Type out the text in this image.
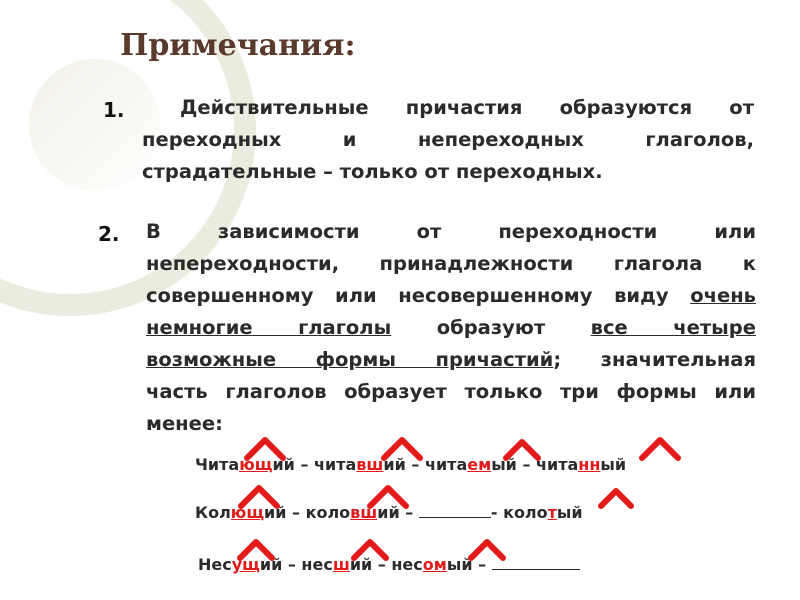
Примечания:
1.	Действительные причастия образуются от
переходных и непереходных глаголов,
страдательные – только от переходных.
2. В зависимости от переходности или
непереходности, принадлежности глагола к
совершенному или несовершенному виду очень
немногие глаголы образуют все четыре
возможные формы причастий; значительная
часть глаголов образует только три формы или
менее:
Читающий – читавший – читаемый – читанный
Колющий – коловший –	- колотый
Несущий – несший – несомый –
